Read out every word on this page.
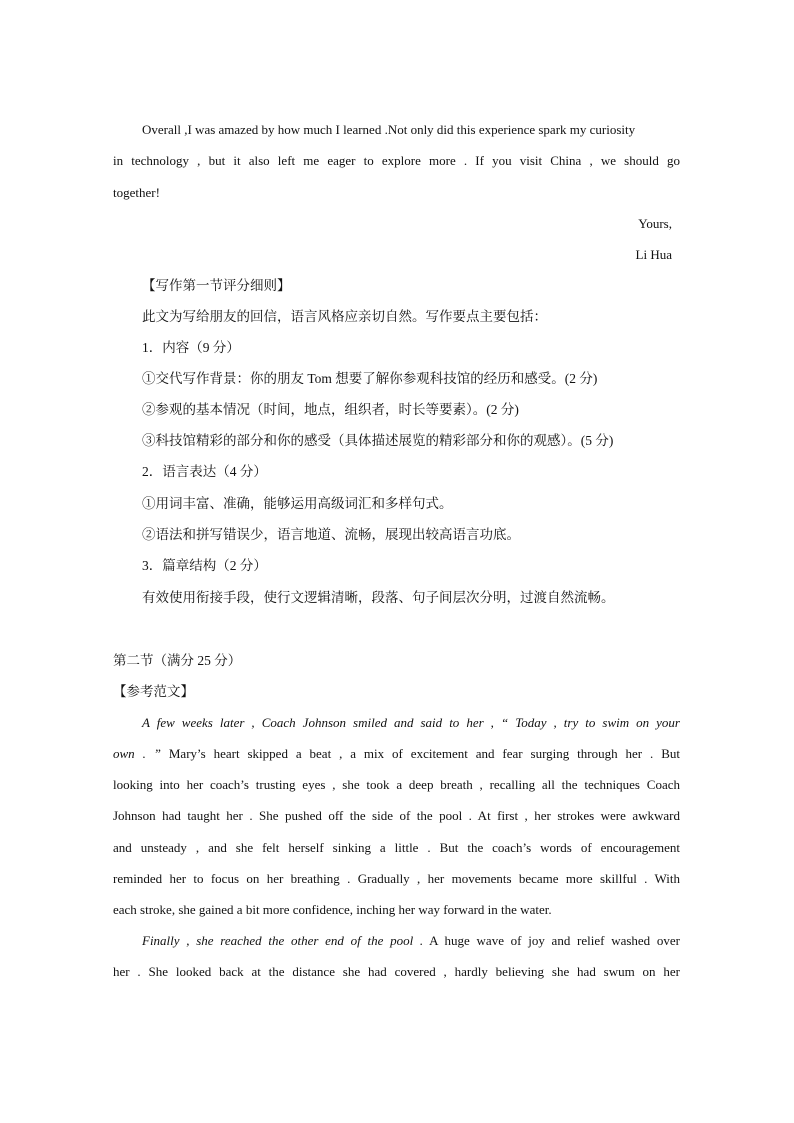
Overall ,I was amazed by how much I learned .Not only did this experience spark my curiosity
in technology , but it also left me eager to explore more . If you visit China , we should go
together!
Yours,
Li Hua
【写作第一节评分细则】
此文为写给朋友的回信，语言风格应亲切自然。写作要点主要包括：
1．内容（9 分）
①交代写作背景：你的朋友 Tom 想要了解你参观科技馆的经历和感受。(2 分)
②参观的基本情况（时间，地点，组织者，时长等要素）。(2 分)
③科技馆精彩的部分和你的感受（具体描述展览的精彩部分和你的观感）。(5 分)
2．语言表达（4 分）
①用词丰富、准确，能够运用高级词汇和多样句式。
②语法和拼写错误少，语言地道、流畅，展现出较高语言功底。
3．篇章结构（2 分）
有效使用衔接手段，使行文逻辑清晰，段落、句子间层次分明，过渡自然流畅。
第二节（满分 25 分）
【参考范文】
A few weeks later , Coach Johnson smiled and said to her , “ Today , try to swim on your
own . ” Mary’s heart skipped a beat , a mix of excitement and fear surging through her . But
looking into her coach’s trusting eyes , she took a deep breath , recalling all the techniques Coach
Johnson had taught her . She pushed off the side of the pool . At first , her strokes were awkward
and unsteady , and she felt herself sinking a little . But the coach’s words of encouragement
reminded her to focus on her breathing . Gradually , her movements became more skillful . With
each stroke, she gained a bit more confidence, inching her way forward in the water.
Finally , she reached the other end of the pool . A huge wave of joy and relief washed over
her . She looked back at the distance she had covered , hardly believing she had swum on her
